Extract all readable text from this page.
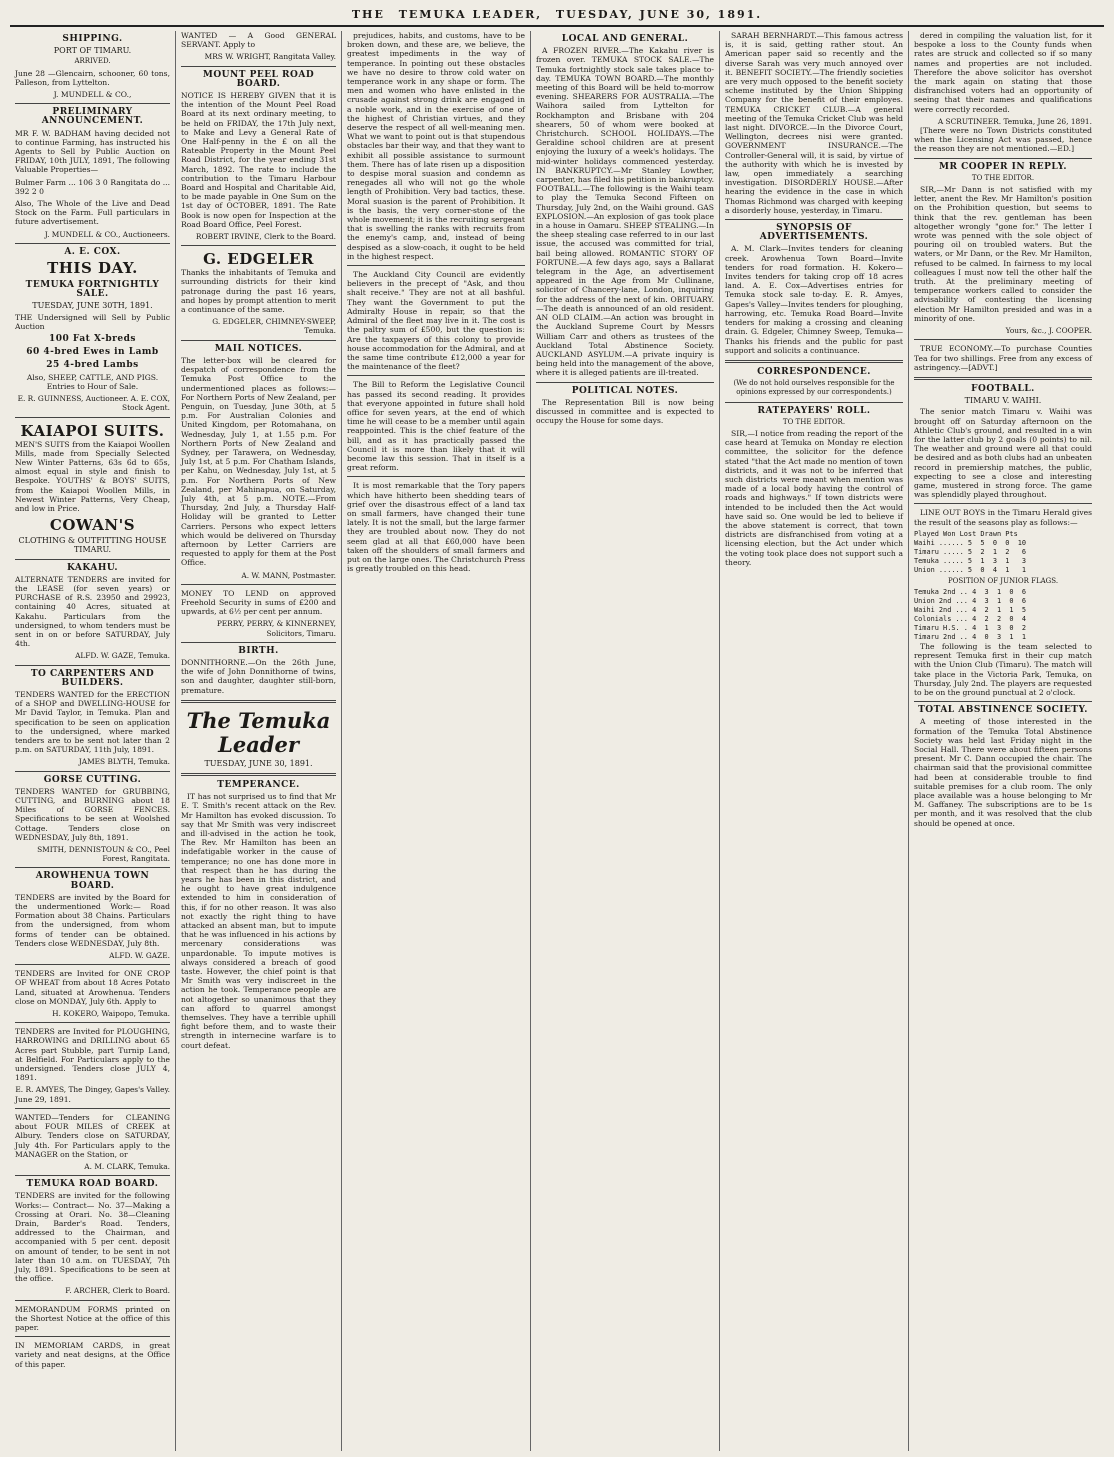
THE TEMUKA LEADER, TUESDAY, JUNE 30, 1891.
SHIPPING.
PORT OF TIMARU.
ARRIVED.

June 28 —Glencairn, schooner, 60 tons, Palleson, from Lyttelton.

J. MUNDELL & CO.,
PRELIMINARY ANNOUNCEMENT.

MR F. W. BADHAM having decided not to continue Farming, has instructed his Agents to Sell by Public Auction on FRIDAY, 10th JULY, 1891, The following Valuable Properties—

Bulmer Farm ... 106 3 0 Rangitata do ... 392 2 0

Also, The Whole of the Live and Dead Stock on the Farm. Full particulars in future advertisement.

J. MUNDELL & CO., Auctioneers.
A. E. COX.
THIS DAY.
TEMUKA FORTNIGHTLY SALE.
TUESDAY, JUNE 30TH, 1891.

THE Undersigned will Sell by Public Auction

100 Fat X-breds
60 4-bred Ewes in Lamb
25 4-bred Lambs

Also, SHEEP, CATTLE, AND PIGS. Entries to Hour of Sale.

E. R. GUINNESS, Auctioneer. A. E. COX, Stock Agent.
KAIAPOI SUITS.

MEN'S SUITS from the Kaiapoi Woollen Mills, made from Specially Selected New Winter Patterns, 63s 6d to 65s, almost equal in style and finish to Bespoke. YOUTHS' & BOYS' SUITS, from the Kaiapoi Woollen Mills, in Newest Winter Patterns, Very Cheap, and low in Price.

COWAN'S
CLOTHING & OUTFITTING HOUSE TIMARU.
KAKAHU.

ALTERNATE TENDERS are invited for the LEASE (for seven years) or PURCHASE of R.S. 23950 and 29923, containing 40 Acres, situated at Kakahu. Particulars from the undersigned, to whom tenders must be sent in on or before SATURDAY, July 4th.

ALFD. W. GAZE, Temuka.
TO CARPENTERS AND BUILDERS.

TENDERS WANTED for the ERECTION of a SHOP and DWELLING-HOUSE for Mr David Taylor, in Temuka. Plan and specification to be seen on application to the undersigned, where marked tenders are to be sent not later than 2 p.m. on SATURDAY, 11th July, 1891.

JAMES BLYTH, Temuka.
GORSE CUTTING.

TENDERS WANTED for GRUBBING, CUTTING, and BURNING about 18 Miles of GORSE FENCES. Specifications to be seen at Woolshed Cottage. Tenders close on WEDNESDAY, July 8th, 1891.

SMITH, DENNISTOUN & CO., Peel Forest, Rangitata.
AROWHENUA TOWN BOARD.

TENDERS are invited by the Board for the undermentioned Work:— Road Formation about 38 Chains. Particulars from the undersigned, from whom forms of tender can be obtained. Tenders close WEDNESDAY, July 8th.

ALFD. W. GAZE.

TENDERS are Invited for ONE CROP OF WHEAT from about 18 Acres Potato Land, situated at Arowhenua. Tenders close on MONDAY, July 6th. Apply to

H. KOKERO, Waipopo, Temuka.

TENDERS are Invited for PLOUGHING, HARROWING and DRILLING about 65 Acres part Stubble, part Turnip Land, at Belfield. For Particulars apply to the undersigned. Tenders close JULY 4, 1891.

E. R. AMYES, The Dingey, Gapes's Valley.

June 29, 1891.

WANTED—Tenders for CLEANING about FOUR MILES of CREEK at Albury. Tenders close on SATURDAY, July 4th. For Particulars apply to the MANAGER on the Station, or

A. M. CLARK, Temuka.
TEMUKA ROAD BOARD.

TENDERS are invited for the following Works:— Contract— No. 37—Making a Crossing at Orari. No. 38—Cleaning Drain, Barder's Road. Tenders, addressed to the Chairman, and accompanied with 5 per cent. deposit on amount of tender, to be sent in not later than 10 a.m. on TUESDAY, 7th July, 1891. Specifications to be seen at the office.

F. ARCHER, Clerk to Board.

MEMORANDUM FORMS printed on the Shortest Notice at the office of this paper.

IN MEMORIAM CARDS, in great variety and neat designs, at the Office of this paper.

WANTED — A Good GENERAL SERVANT. Apply to

MRS W. WRIGHT, Rangitata Valley.
MOUNT PEEL ROAD BOARD.

NOTICE IS HEREBY GIVEN that it is the intention of the Mount Peel Road Board at its next ordinary meeting, to be held on FRIDAY, the 17th July next, to Make and Levy a General Rate of One Half-penny in the £ on all the Rateable Property in the Mount Peel Road District, for the year ending 31st March, 1892. The rate to include the contribution to the Timaru Harbour Board and Hospital and Charitable Aid, to be made payable in One Sum on the 1st day of OCTOBER, 1891. The Rate Book is now open for Inspection at the Road Board Office, Peel Forest.

ROBERT IRVINE, Clerk to the Board.
G. EDGELER

Thanks the inhabitants of Temuka and surrounding districts for their kind patronage during the past 16 years, and hopes by prompt attention to merit a continuance of the same.

G. EDGELER, CHIMNEY-SWEEP, Temuka.
MAIL NOTICES.

The letter-box will be cleared for despatch of correspondence from the Temuka Post Office to the undermentioned places as follows:— For Northern Ports of New Zealand, per Penguin, on Tuesday, June 30th, at 5 p.m. For Australian Colonies and United Kingdom, per Rotomahana, on Wednesday, July 1, at 1.55 p.m. For Northern Ports of New Zealand and Sydney, per Tarawera, on Wednesday, July 1st, at 5 p.m. For Chatham Islands, per Kahu, on Wednesday, July 1st, at 5 p.m. For Northern Ports of New Zealand, per Mahinapua, on Saturday, July 4th, at 5 p.m. NOTE.—From Thursday, 2nd July, a Thursday Half-Holiday will be granted to Letter Carriers. Persons who expect letters which would be delivered on Thursday afternoon by Letter Carriers are requested to apply for them at the Post Office.

A. W. MANN, Postmaster.

MONEY TO LEND on approved Freehold Security in sums of £200 and upwards, at 6½ per cent per annum.

PERRY, PERRY, & KINNERNEY, Solicitors, Timaru.
BIRTH.

DONNITHORNE.—On the 26th June, the wife of John Donnithorne of twins, son and daughter, daughter still-born, premature.

The Temuka Leader
TUESDAY, JUNE 30, 1891.
TEMPERANCE.

IT has not surprised us to find that Mr E. T. Smith's recent attack on the Rev. Mr Hamilton has evoked discussion. To say that Mr Smith was very indiscreet and ill-advised in the action he took, The Rev. Mr Hamilton has been an indefatigable worker in the cause of temperance; no one has done more in that respect than he has during the years he has been in this district, and he ought to have great indulgence extended to him in consideration of this, if for no other reason. It was also not exactly the right thing to have attacked an absent man, but to impute that he was influenced in his actions by mercenary considerations was unpardonable. To impute motives is always considered a breach of good taste. However, the chief point is that Mr Smith was very indiscreet in the action he took. Temperance people are not altogether so unanimous that they can afford to quarrel amongst themselves. They have a terrible uphill fight before them, and to waste their strength in internecine warfare is to court defeat.

prejudices, habits, and customs, have to be broken down, and these are, we believe, the greatest impediments in the way of temperance. In pointing out these obstacles we have no desire to throw cold water on temperance work in any shape or form. The men and women who have enlisted in the crusade against strong drink are engaged in a noble work, and in the exercise of one of the highest of Christian virtues, and they deserve the respect of all well-meaning men. What we want to point out is that stupendous obstacles bar their way, and that they want to exhibit all possible assistance to surmount them. There has of late risen up a disposition to despise moral suasion and condemn as renegades all who will not go the whole length of Prohibition. Very bad tactics, these. Moral suasion is the parent of Prohibition. It is the basis, the very corner-stone of the whole movement; it is the recruiting sergeant that is swelling the ranks with recruits from the enemy's camp, and, instead of being despised as a slow-coach, it ought to be held in the highest respect.

The Auckland City Council are evidently believers in the precept of "Ask, and thou shalt receive." They are not at all bashful. They want the Government to put the Admiralty House in repair, so that the Admiral of the fleet may live in it. The cost is the paltry sum of £500, but the question is: Are the taxpayers of this colony to provide house accommodation for the Admiral, and at the same time contribute £12,000 a year for the maintenance of the fleet?

The Bill to Reform the Legislative Council has passed its second reading. It provides that everyone appointed in future shall hold office for seven years, at the end of which time he will cease to be a member until again reappointed. This is the chief feature of the bill, and as it has practically passed the Council it is more than likely that it will become law this session. That in itself is a great reform.

It is most remarkable that the Tory papers which have hitherto been shedding tears of grief over the disastrous effect of a land tax on small farmers, have changed their tune lately. It is not the small, but the large farmer they are troubled about now. They do not seem glad at all that £60,000 have been taken off the shoulders of small farmers and put on the large ones. The Christchurch Press is greatly troubled on this head.

LOCAL AND GENERAL.

A FROZEN RIVER.—The Kakahu river is frozen over. TEMUKA STOCK SALE.—The Temuka fortnightly stock sale takes place to-day. TEMUKA TOWN BOARD.—The monthly meeting of this Board will be held to-morrow evening. SHEARERS FOR AUSTRALIA.—The Waihora sailed from Lyttelton for Rockhampton and Brisbane with 204 shearers, 50 of whom were booked at Christchurch. SCHOOL HOLIDAYS.—The Geraldine school children are at present enjoying the luxury of a week's holidays. The mid-winter holidays commenced yesterday. IN BANKRUPTCY.—Mr Stanley Lowther, carpenter, has filed his petition in bankruptcy. FOOTBALL.—The following is the Waihi team to play the Temuka Second Fifteen on Thursday, July 2nd, on the Waihi ground. GAS EXPLOSION.—An explosion of gas took place in a house in Oamaru. SHEEP STEALING.—In the sheep stealing case referred to in our last issue, the accused was committed for trial, bail being allowed. ROMANTIC STORY OF FORTUNE.—A few days ago, says a Ballarat telegram in the Age, an advertisement appeared in the Age from Mr Cullinane, solicitor of Chancery-lane, London, inquiring for the address of the next of kin. OBITUARY.—The death is announced of an old resident. AN OLD CLAIM.—An action was brought in the Auckland Supreme Court by Messrs William Carr and others as trustees of the Auckland Total Abstinence Society. AUCKLAND ASYLUM.—A private inquiry is being held into the management of the above, where it is alleged patients are ill-treated.

POLITICAL NOTES.

The Representation Bill is now being discussed in committee and is expected to occupy the House for some days.

SARAH BERNHARDT.—This famous actress is, it is said, getting rather stout. An American paper said so recently and the diverse Sarah was very much annoyed over it. BENEFIT SOCIETY.—The friendly societies are very much opposed to the benefit society scheme instituted by the Union Shipping Company for the benefit of their employes. TEMUKA CRICKET CLUB.—A general meeting of the Temuka Cricket Club was held last night. DIVORCE.—In the Divorce Court, Wellington, decrees nisi were granted. GOVERNMENT INSURANCE.—The Controller-General will, it is said, by virtue of the authority with which he is invested by law, open immediately a searching investigation. DISORDERLY HOUSE.—After hearing the evidence in the case in which Thomas Richmond was charged with keeping a disorderly house, yesterday, in Timaru.

SYNOPSIS OF ADVERTISEMENTS.

A. M. Clark—Invites tenders for cleaning creek. Arowhenua Town Board—Invite tenders for road formation. H. Kokero—Invites tenders for taking crop off 18 acres land. A. E. Cox—Advertises entries for Temuka stock sale to-day. E. R. Amyes, Gapes's Valley—Invites tenders for ploughing, harrowing, etc. Temuka Road Board—Invite tenders for making a crossing and cleaning drain. G. Edgeler, Chimney Sweep, Temuka—Thanks his friends and the public for past support and solicits a continuance.

CORRESPONDENCE.
(We do not hold ourselves responsible for the opinions expressed by our correspondents.)
RATEPAYERS' ROLL.
TO THE EDITOR.

SIR,—I notice from reading the report of the case heard at Temuka on Monday re election committee, the solicitor for the defence stated "that the Act made no mention of town districts, and it was not to be inferred that such districts were meant when mention was made of a local body having the control of roads and highways." If town districts were intended to be included then the Act would have said so. One would be led to believe if the above statement is correct, that town districts are disfranchised from voting at a licensing election, but the Act under which the voting took place does not support such a theory.

dered in compiling the valuation list, for it bespoke a loss to the County funds when rates are struck and collected so if so many names and properties are not included. Therefore the above solicitor has overshot the mark again on stating that those disfranchised voters had an opportunity of seeing that their names and qualifications were correctly recorded.

A SCRUTINEER. Temuka, June 26, 1891.

[There were no Town Districts constituted when the Licensing Act was passed, hence the reason they are not mentioned.—ED.]

MR COOPER IN REPLY.
TO THE EDITOR.

SIR,—Mr Dann is not satisfied with my letter, anent the Rev. Mr Hamilton's position on the Prohibition question, but seems to think that the rev. gentleman has been altogether wrongly "gone for." The letter I wrote was penned with the sole object of pouring oil on troubled waters. But the waters, or Mr Dann, or the Rev. Mr Hamilton, refused to be calmed. In fairness to my local colleagues I must now tell the other half the truth. At the preliminary meeting of temperance workers called to consider the advisability of contesting the licensing election Mr Hamilton presided and was in a minority of one.

Yours, &c., J. COOPER.

TRUE ECONOMY.—To purchase Counties Tea for two shillings. Free from any excess of astringency.—[ADVT.]

FOOTBALL.
TIMARU V. WAIHI.

The senior match Timaru v. Waihi was brought off on Saturday afternoon on the Athletic Club's ground, and resulted in a win for the latter club by 2 goals (0 points) to nil. The weather and ground were all that could be desired and as both clubs had an unbeaten record in premiership matches, the public, expecting to see a close and interesting game, mustered in strong force. The game was splendidly played throughout.

LINE OUT BOYS in the Timaru Herald gives the result of the seasons play as follows:—

Played Won Lost Drawn Pts
Waihi ...... 5  5  0  0  10
Timaru ..... 5  2  1  2   6
Temuka ..... 5  1  3  1   3
Union ...... 5  0  4  1   1
POSITION OF JUNIOR FLAGS.
Temuka 2nd .. 4  3  1  0  6
Union 2nd ... 4  3  1  0  6
Waihi 2nd ... 4  2  1  1  5
Colonials ... 4  2  2  0  4
Timaru H.S. . 4  1  3  0  2
Timaru 2nd .. 4  0  3  1  1

The following is the team selected to represent Temuka first in their cup match with the Union Club (Timaru). The match will take place in the Victoria Park, Temuka, on Thursday, July 2nd. The players are requested to be on the ground punctual at 2 o'clock.

TOTAL ABSTINENCE SOCIETY.

A meeting of those interested in the formation of the Temuka Total Abstinence Society was held last Friday night in the Social Hall. There were about fifteen persons present. Mr C. Dann occupied the chair. The chairman said that the provisional committee had been at considerable trouble to find suitable premises for a club room. The only place available was a house belonging to Mr M. Gaffaney. The subscriptions are to be 1s per month, and it was resolved that the club should be opened at once.
